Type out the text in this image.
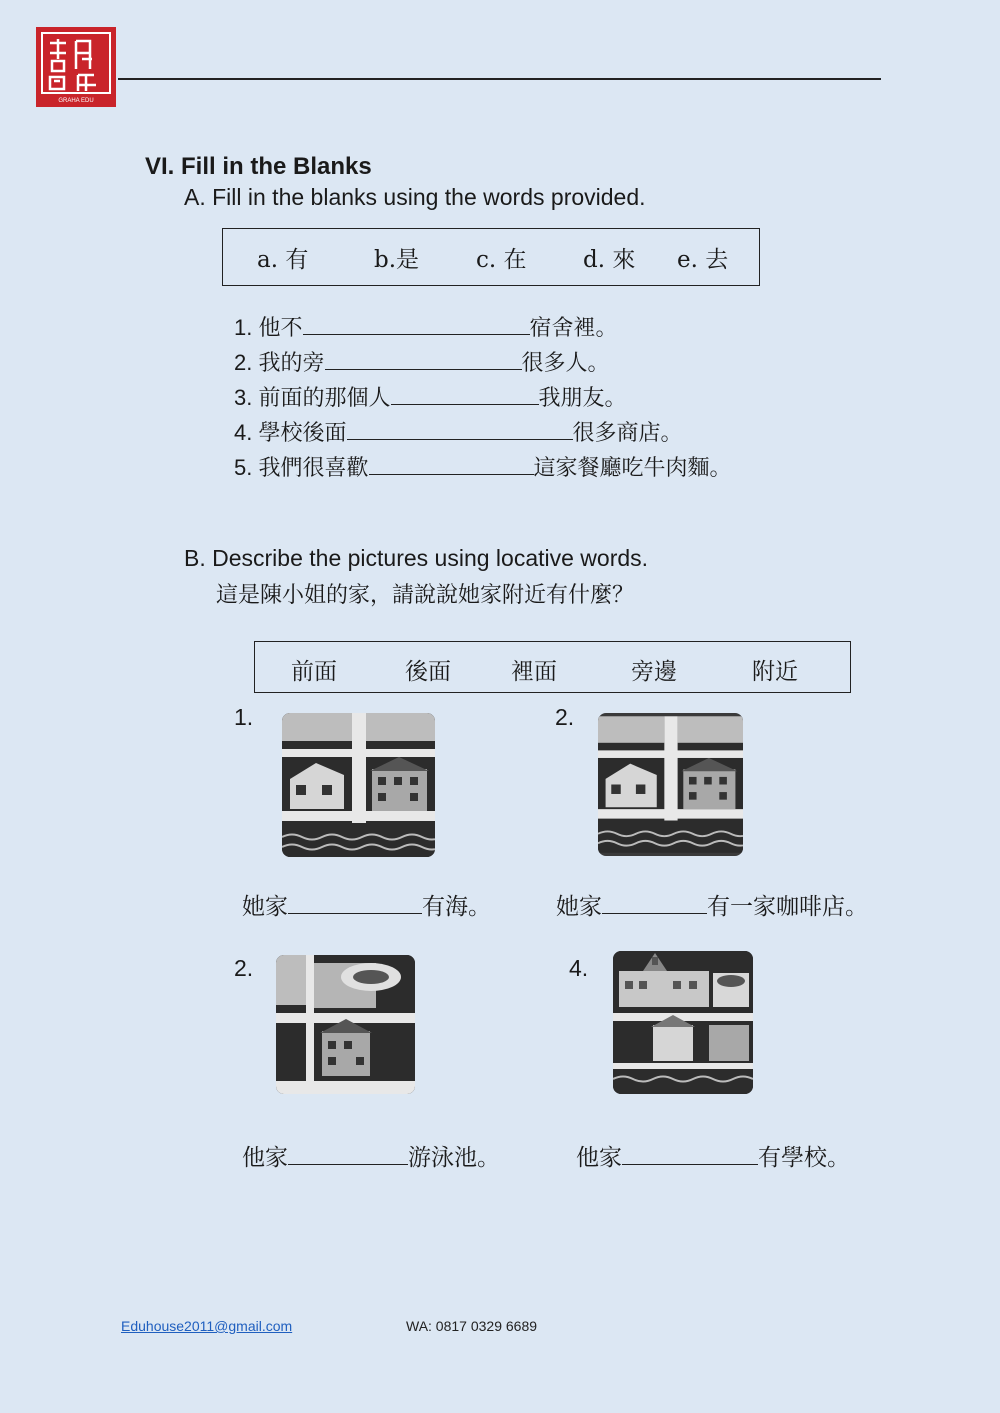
GRAHA EDU
VI. Fill in the Blanks
A. Fill in the blanks using the words provided.
a. 有	b.是 c. 在 d. 來 e. 去
1. 他不	宿舍裡。
2. 我的旁	很多人。
3. 前面的那個人	我朋友。
4. 學校後面	很多商店。
5. 我們很喜歡	這家餐廳吃牛肉麵。
B. Describe the pictures using locative words.
這是陳小姐的家，請說說她家附近有什麼？
前面	後面	裡面	旁邊	附近
1.
她家	有海。
2.
她家	有一家咖啡店。
2.
他家	游泳池。
4.
他家	有學校。
Eduhouse2011@gmail.com	WA: 0817 0329 6689
